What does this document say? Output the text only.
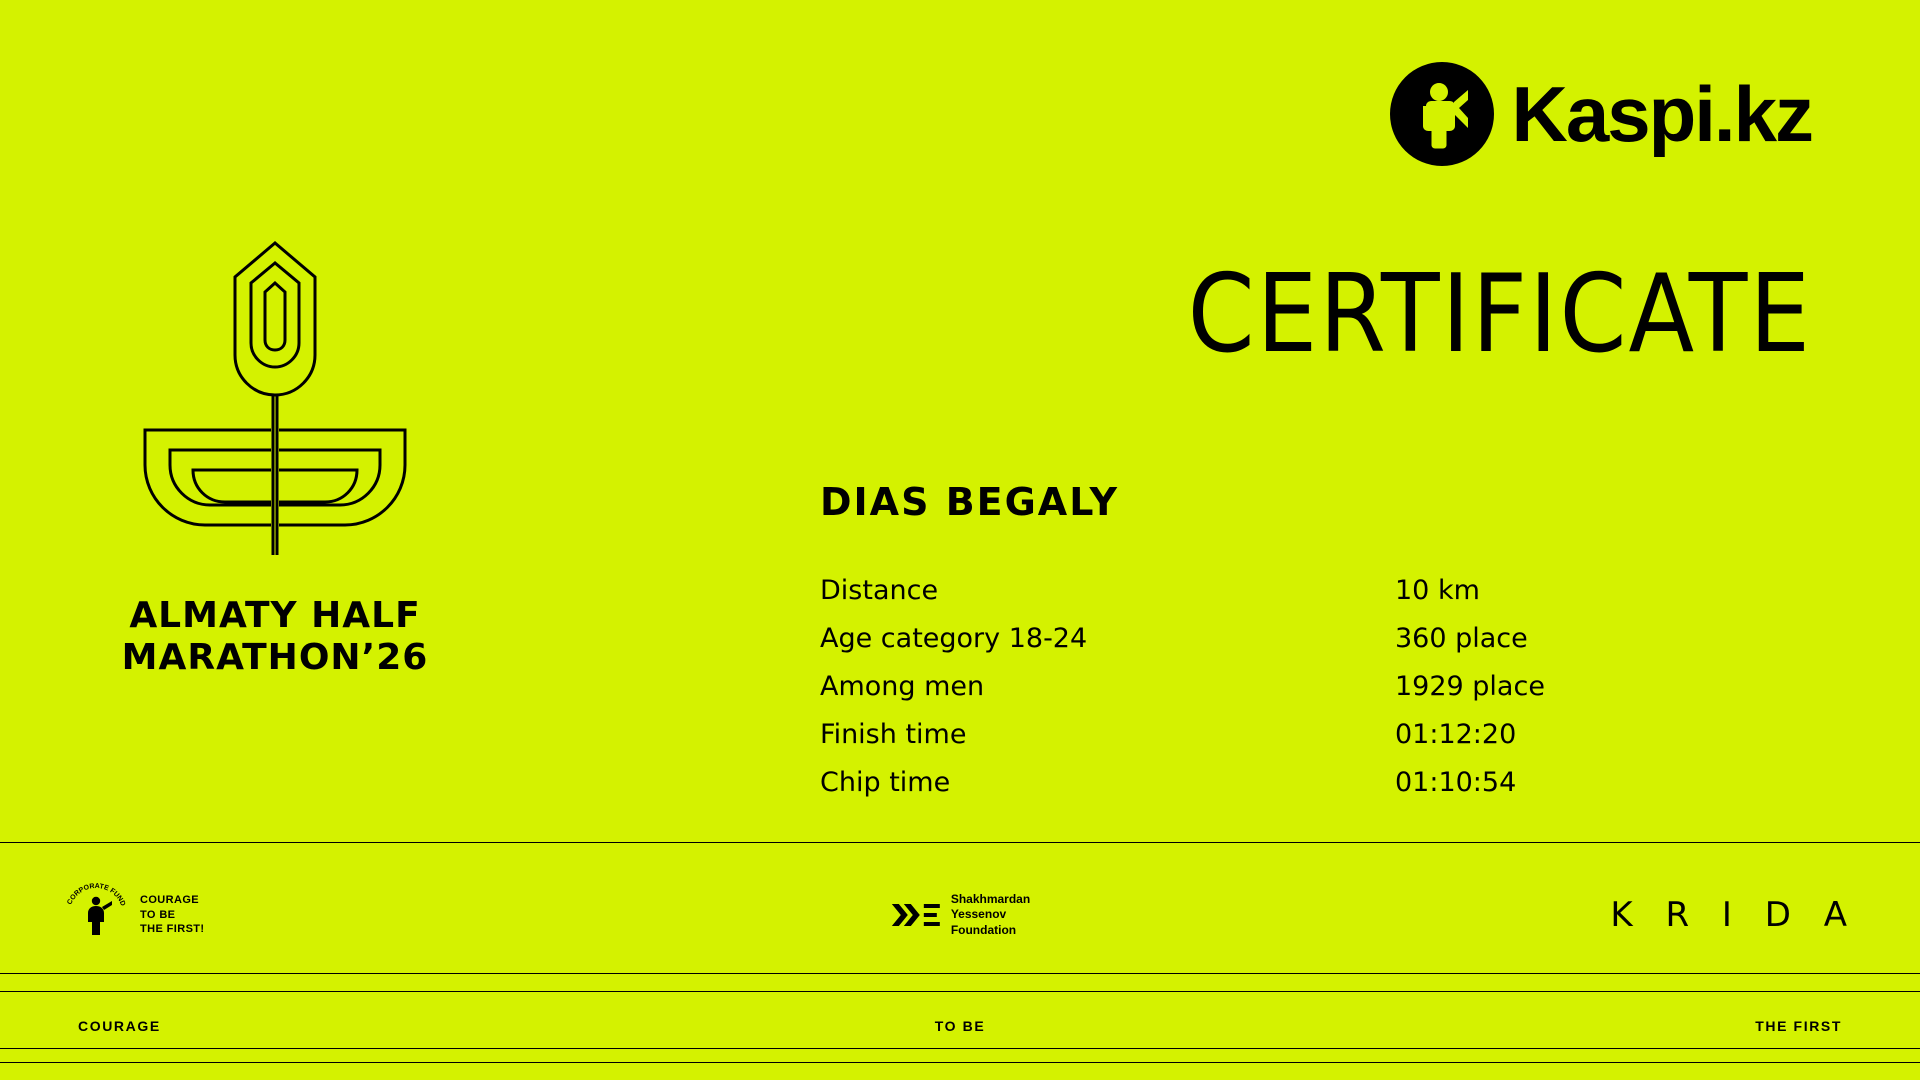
Kaspi.kz
CERTIFICATE
ALMATY HALF
MARATHON’26
DIAS BEGALY
Distance	10 km
Age category 18-24	360 place
Among men	1929 place
Finish time	01:12:20
Chip time	01:10:54
CORPORATE FUND COURAGE
TO BE
THE FIRST!
Shakhmardan
Yessenov
Foundation	K R I D A
COURAGE	TO BE	THE FIRST
